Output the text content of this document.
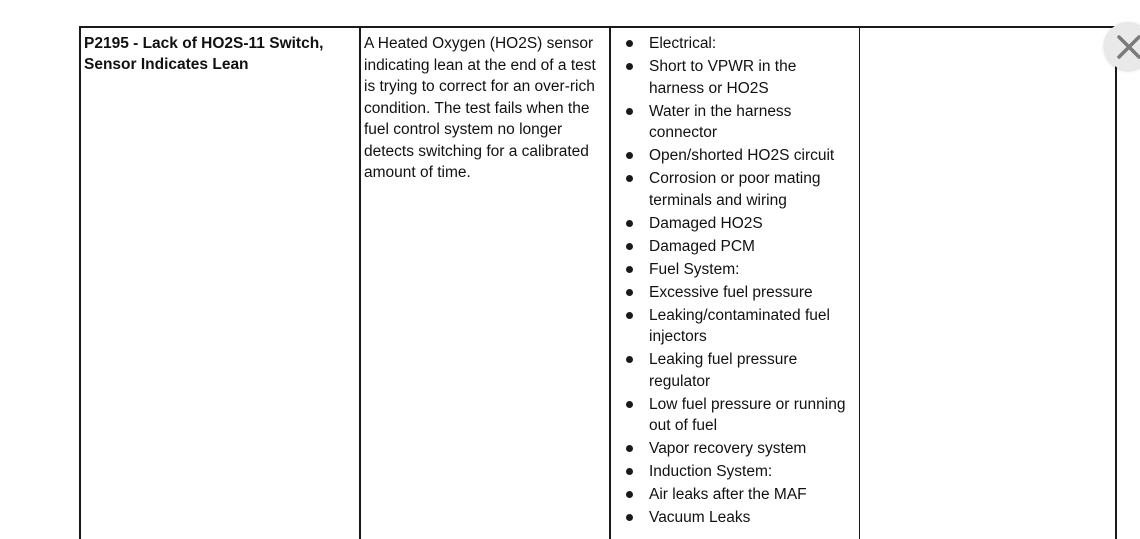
P2195 - Lack of HO2S-11 Switch, Sensor Indicates Lean

A Heated Oxygen (HO2S) sensor indicating lean at the end of a test is trying to correct for an over-rich condition. The test fails when the fuel control system no longer detects switching for a calibrated amount of time.

Electrical:
Short to VPWR in the harness or HO2S
Water in the harness connector
Open/shorted HO2S circuit
Corrosion or poor mating terminals and wiring
Damaged HO2S
Damaged PCM
Fuel System:
Excessive fuel pressure
Leaking/contaminated fuel injectors
Leaking fuel pressure regulator
Low fuel pressure or running out of fuel
Vapor recovery system
Induction System:
Air leaks after the MAF
Vacuum Leaks
